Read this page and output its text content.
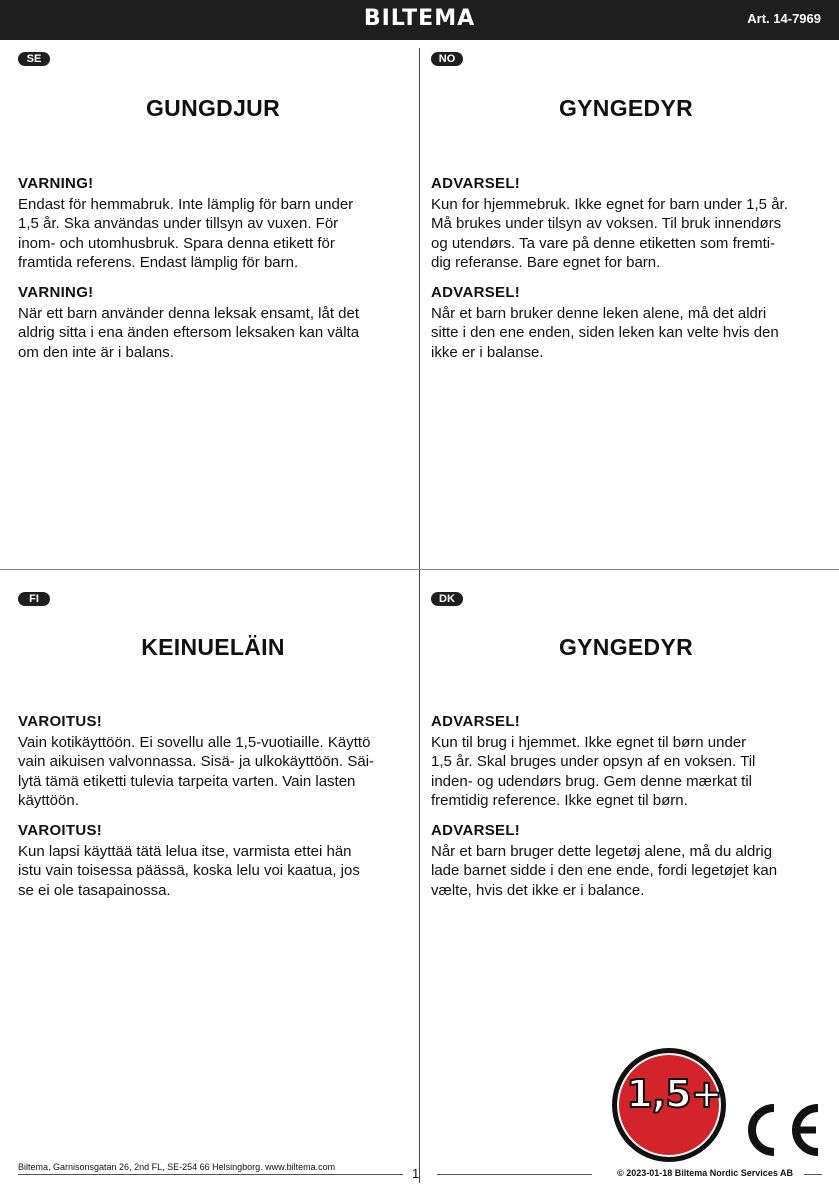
BILTEMA	Art. 14-7969
SE
GUNGDJUR
VARNING!
Endast för hemmabruk. Inte lämplig för barn under
1,5 år. Ska användas under tillsyn av vuxen. För
inom- och utomhusbruk. Spara denna etikett för
framtida referens. Endast lämplig för barn.
VARNING!
När ett barn använder denna leksak ensamt, låt det
aldrig sitta i ena änden eftersom leksaken kan välta
om den inte är i balans.
NO
GYNGEDYR
ADVARSEL!
Kun for hjemmebruk. Ikke egnet for barn under 1,5 år.
Må brukes under tilsyn av voksen. Til bruk innendørs
og utendørs. Ta vare på denne etiketten som fremti-
dig referanse. Bare egnet for barn.
ADVARSEL!
Når et barn bruker denne leken alene, må det aldri
sitte i den ene enden, siden leken kan velte hvis den
ikke er i balanse.
FI
KEINUELÄIN
VAROITUS!
Vain kotikäyttöön. Ei sovellu alle 1,5-vuotiaille. Käyttö
vain aikuisen valvonnassa. Sisä- ja ulkokäyttöön. Säi-
lytä tämä etiketti tulevia tarpeita varten. Vain lasten
käyttöön.
VAROITUS!
Kun lapsi käyttää tätä lelua itse, varmista ettei hän
istu vain toisessa päässä, koska lelu voi kaatua, jos
se ei ole tasapainossa.
DK
GYNGEDYR
ADVARSEL!
Kun til brug i hjemmet. Ikke egnet til børn under
1,5 år. Skal bruges under opsyn af en voksen. Til
inden- og udendørs brug. Gem denne mærkat til
fremtidig reference. Ikke egnet til børn.
ADVARSEL!
Når et barn bruger dette legetøj alene, må du aldrig
lade barnet sidde i den ene ende, fordi legetøjet kan
vælte, hvis det ikke er i balance.
1,5+
Biltema, Garnisonsgatan 26, 2nd FL, SE-254 66 Helsingborg. www.biltema.com	1	© 2023-01-18 Biltema Nordic Services AB
